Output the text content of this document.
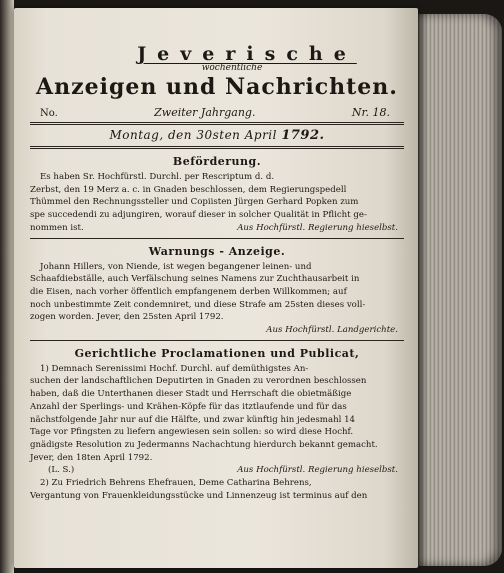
Jeverische
wöchentliche
Anzeigen und Nachrichten.
No.	Zweiter Jahrgang.	Nr. 18.
Montag, den 30sten April 1792.
Beförderung.

Es haben Sr. Hochfürstl. Durchl. per Rescriptum d. d.

Zerbst, den 19 Merz a. c. in Gnaden beschlossen, dem Regierungspedell

Thümmel den Rechnungssteller und Copiisten Jürgen Gerhard Popken zum

spe succedendi zu adjungiren, worauf dieser in solcher Qualität in Pflicht ge-

nommen ist.	Aus Hochfürstl. Regierung hieselbst.
Warnungs - Anzeige.

Johann Hillers, von Niende, ist wegen begangener leinen- und

Schaafdiebställe, auch Verfälschung seines Namens zur Zuchthausarbeit in

die Eisen, nach vorher öffentlich empfangenem derben Willkommen; auf

noch unbestimmte Zeit condemniret, und diese Strafe am 25sten dieses voll-

zogen worden. Jever, den 25sten April 1792.

Aus Hochfürstl. Landgerichte.
Gerichtliche Proclamationen und Publicat,

1) Demnach Serenissimi Hochf. Durchl. auf demüthigstes An-

suchen der landschaftlichen Deputirten in Gnaden zu verordnen beschlossen

haben, daß die Unterthanen dieser Stadt und Herrschaft die obietmäßige

Anzahl der Sperlings- und Krähen-Köpfe für das itztlaufende und für das

nächstfolgende Jahr nur auf die Hälfte, und zwar künftig hin jedesmahl 14

Tage vor Pfingsten zu liefern angewiesen sein sollen: so wird diese Hochf.

gnädigste Resolution zu Jedermanns Nachachtung hierdurch bekannt gemacht.

Jever, den 18ten April 1792.

(L. S.)	Aus Hochfürstl. Regierung hieselbst.

2) Zu Friedrich Behrens Ehefrauen, Deme Catharina Behrens,

Vergantung von Frauenkleidungsstücke und Linnenzeug ist terminus auf den
